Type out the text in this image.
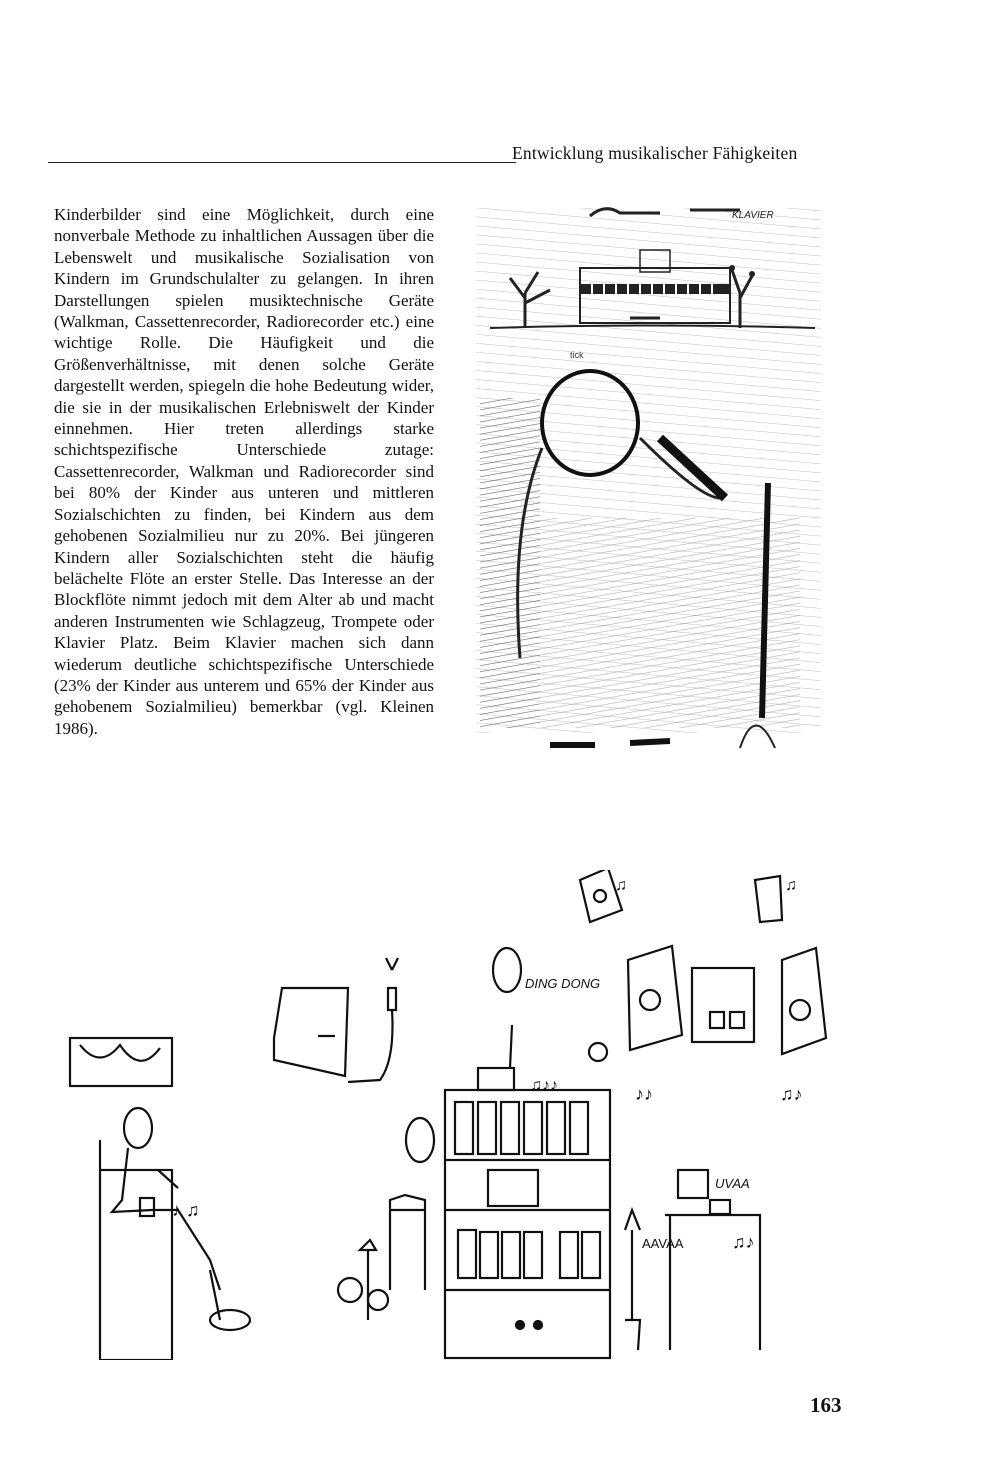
Entwicklung musikalischer Fähigkeiten

Kinderbilder sind eine Möglichkeit, durch eine nonverbale Methode zu inhaltlichen Aussagen über die Lebenswelt und musikalische Sozialisation von Kindern im Grundschulalter zu gelangen. In ihren Darstellungen spielen musiktechnische Geräte (Walkman, Cassettenrecorder, Radiorecorder etc.) eine wichtige Rolle. Die Häufigkeit und die Größenverhältnisse, mit denen solche Geräte dargestellt werden, spiegeln die hohe Bedeutung wider, die sie in der musikalischen Erlebniswelt der Kinder einnehmen. Hier treten allerdings starke schichtspezifische Unterschiede zutage: Cassettenrecorder, Walkman und Radiorecorder sind bei 80% der Kinder aus unteren und mittleren Sozialschichten zu finden, bei Kindern aus dem gehobenen Sozialmilieu nur zu 20%. Bei jüngeren Kindern aller Sozialschichten steht die häufig belächelte Flöte an erster Stelle. Das Interesse an der Blockflöte nimmt jedoch mit dem Alter ab und macht anderen Instrumenten wie Schlagzeug, Trompete oder Klavier Platz. Beim Klavier machen sich dann wiederum deutliche schichtspezifische Unterschiede (23% der Kinder aus unterem und 65% der Kinder aus gehobenem Sozialmilieu) bemerkbar (vgl. Kleinen 1986).

KLAVIER
tick
♪ ♫
DING DONG
♫	♫
♪♪	♫♪
♫♪♪
AAVAA	♫♪
UVAA
163
